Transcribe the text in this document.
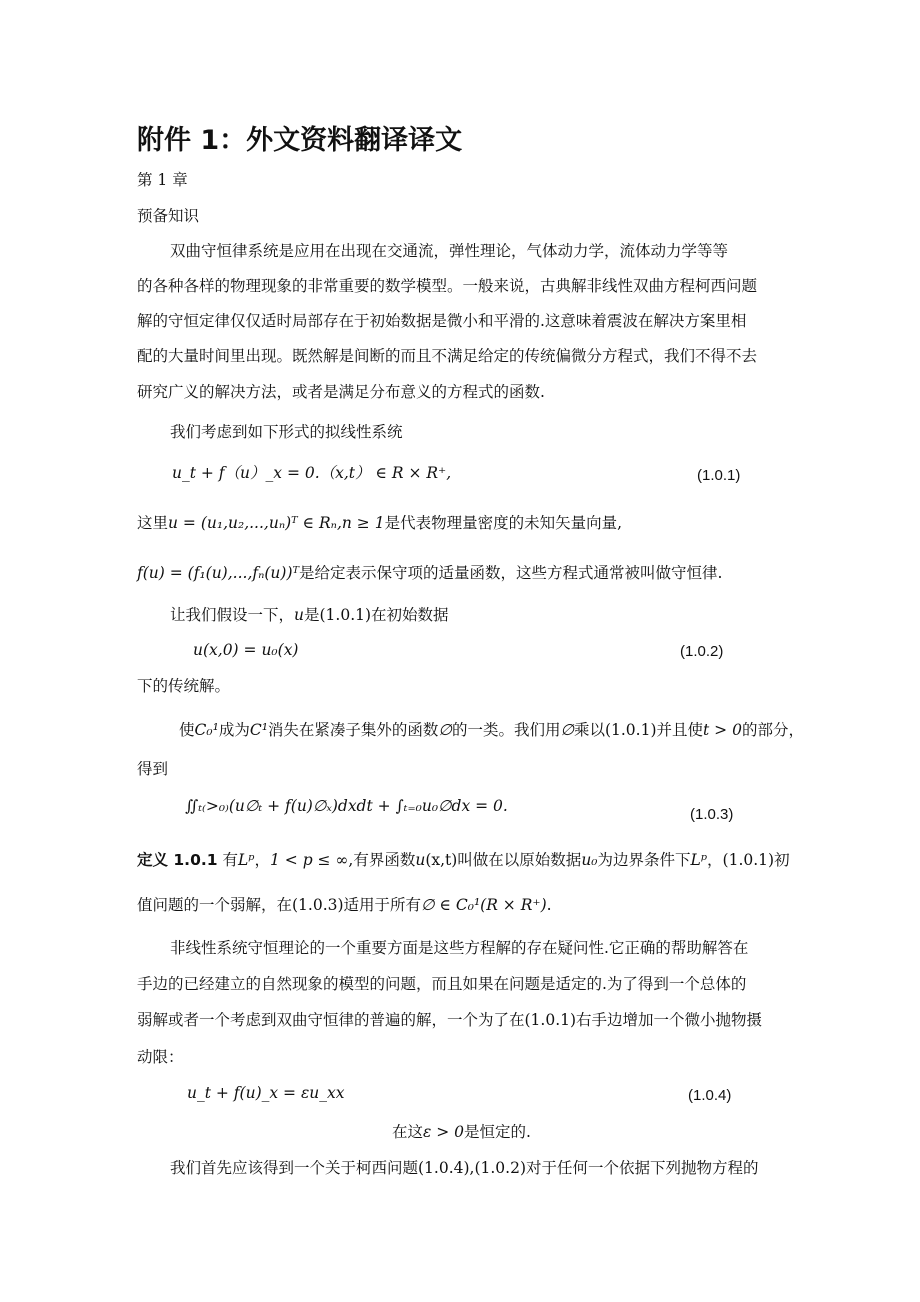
附件 1：外文资料翻译译文
第 1 章
预备知识
双曲守恒律系统是应用在出现在交通流，弹性理论，气体动力学，流体动力学等等
的各种各样的物理现象的非常重要的数学模型。一般来说，古典解非线性双曲方程柯西问题
解的守恒定律仅仅适时局部存在于初始数据是微小和平滑的.这意味着震波在解决方案里相
配的大量时间里出现。既然解是间断的而且不满足给定的传统偏微分方程式，我们不得不去
研究广义的解决方法，或者是满足分布意义的方程式的函数.
我们考虑到如下形式的拟线性系统
u_t + f（u）_x = 0.（x,t） ∈ R × R⁺,	(1.0.1)
这里u = (u₁,u₂,...,uₙ)ᵀ ∈ Rₙ,n ≥ 1是代表物理量密度的未知矢量向量,
f(u) = (f₁(u),...,fₙ(u))ᵀ是给定表示保守项的适量函数，这些方程式通常被叫做守恒律.
让我们假设一下，u是(1.0.1)在初始数据
u(x,0) = u₀(x)	(1.0.2)
下的传统解。
使C₀¹成为C¹消失在紧凑子集外的函数∅的一类。我们用∅乘以(1.0.1)并且使t > 0的部分，
得到
∬ₜ₍>₀₎(u∅ₜ + f(u)∅ₓ)dxdt + ∫ₜ₌₀u₀∅dx = 0.	(1.0.3)
定义 1.0.1 有Lᵖ，1 < p ≤ ∞,有界函数u(x,t)叫做在以原始数据u₀为边界条件下Lᵖ，(1.0.1)初
值问题的一个弱解，在(1.0.3)适用于所有∅ ∈ C₀¹(R × R⁺).
非线性系统守恒理论的一个重要方面是这些方程解的存在疑问性.它正确的帮助解答在
手边的已经建立的自然现象的模型的问题，而且如果在问题是适定的.为了得到一个总体的
弱解或者一个考虑到双曲守恒律的普遍的解，一个为了在(1.0.1)右手边增加一个微小抛物摄
动限：
u_t + f(u)_x = εu_xx	(1.0.4)
在这ε > 0是恒定的.
我们首先应该得到一个关于柯西问题(1.0.4),(1.0.2)对于任何一个依据下列抛物方程的
